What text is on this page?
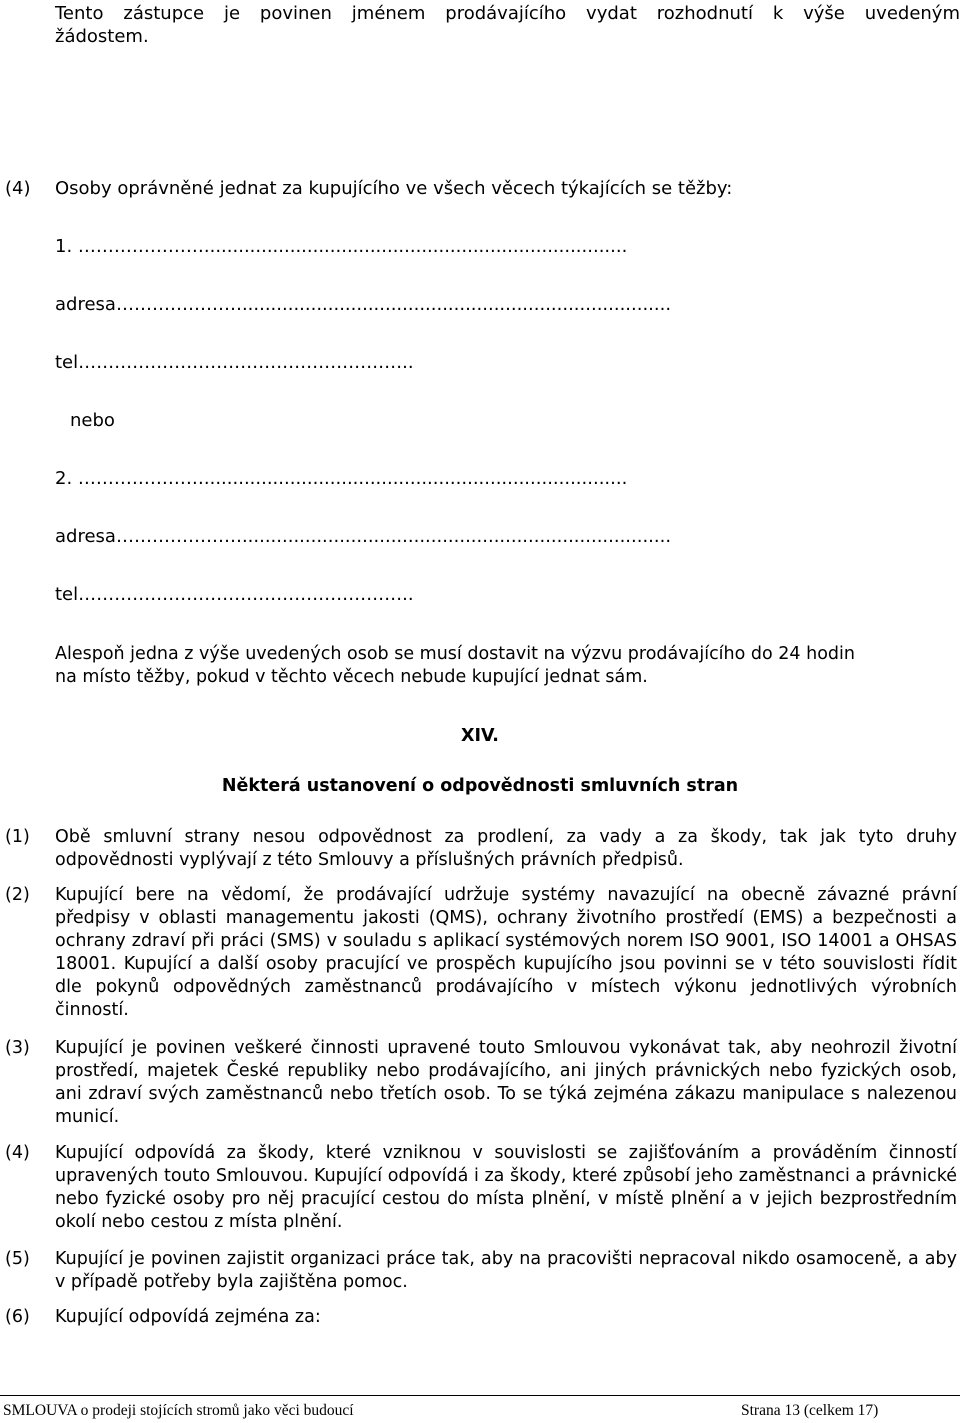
Tento zástupce je povinen jménem prodávajícího vydat rozhodnutí k výše uvedeným
žádostem.
(4) Osoby oprávněné jednat za kupujícího ve všech věcech týkajících se těžby:
1. …………………..........................................................................
adresa…………………...........................................................................
tel………………………………………………..
nebo
2. …………………..........................................................................
adresa…………………...........................................................................
tel………………………………………………..
Alespoň jedna z výše uvedených osob se musí dostavit na výzvu prodávajícího do 24 hodin
na místo těžby, pokud v těchto věcech nebude kupující jednat sám.
XIV.
Některá ustanovení o odpovědnosti smluvních stran
(1) Obě smluvní strany nesou odpovědnost za prodlení, za vady a za škody, tak jak tyto druhy odpovědnosti vyplývají z této Smlouvy a příslušných právních předpisů.
(2) Kupující bere na vědomí, že prodávající udržuje systémy navazující na obecně závazné právní předpisy v oblasti managementu jakosti (QMS), ochrany životního prostředí (EMS) a bezpečnosti a ochrany zdraví při práci (SMS) v souladu s aplikací systémových norem ISO 9001, ISO 14001 a OHSAS 18001. Kupující a další osoby pracující ve prospěch kupujícího jsou povinni se v této souvislosti řídit dle pokynů odpovědných zaměstnanců prodávajícího v místech výkonu jednotlivých výrobních činností.
(3) Kupující je povinen veškeré činnosti upravené touto Smlouvou vykonávat tak, aby neohrozil životní prostředí, majetek České republiky nebo prodávajícího, ani jiných právnických nebo fyzických osob, ani zdraví svých zaměstnanců nebo třetích osob. To se týká zejména zákazu manipulace s nalezenou municí.
(4) Kupující odpovídá za škody, které vzniknou v souvislosti se zajišťováním a prováděním činností upravených touto Smlouvou. Kupující odpovídá i za škody, které způsobí jeho zaměstnanci a právnické nebo fyzické osoby pro něj pracující cestou do místa plnění, v místě plnění a v jejich bezprostředním okolí nebo cestou z místa plnění.
(5) Kupující je povinen zajistit organizaci práce tak, aby na pracovišti nepracoval nikdo osamoceně, a aby v případě potřeby byla zajištěna pomoc.
(6) Kupující odpovídá zejména za:
SMLOUVA o prodeji stojících stromů jako věci budoucí	Strana 13 (celkem 17)
